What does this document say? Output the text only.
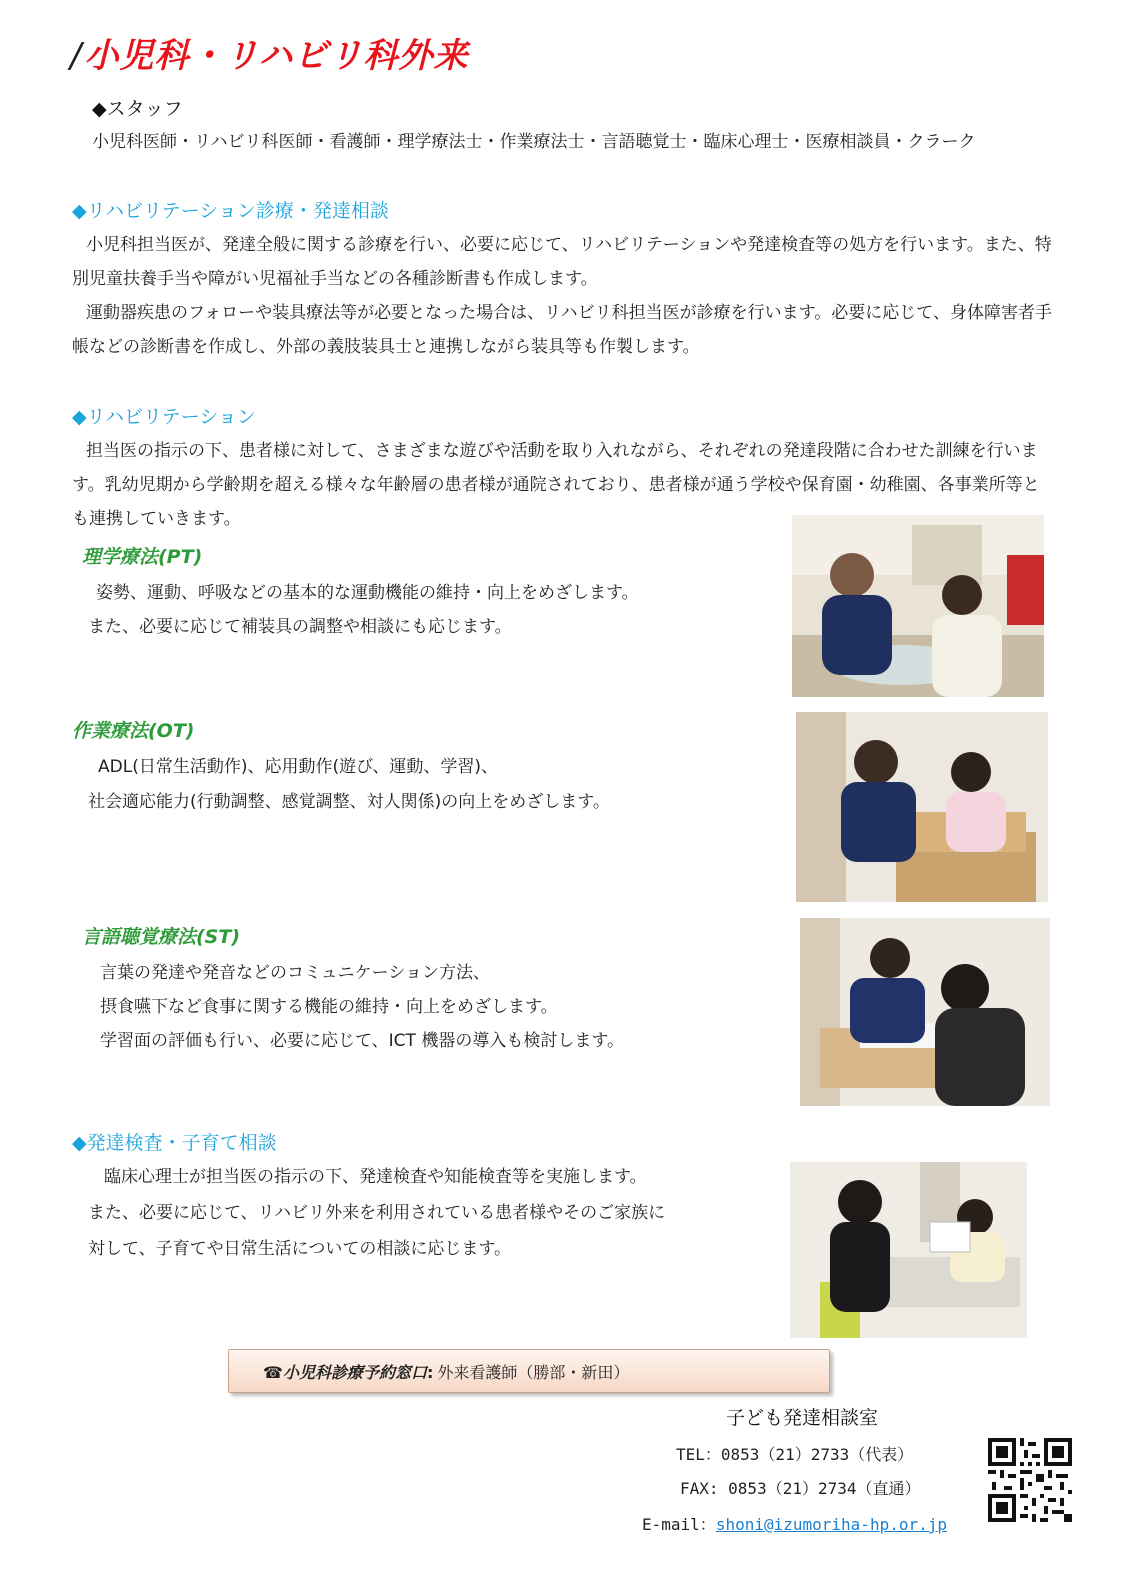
/小児科・リハビリ科外来
◆スタッフ
小児科医師・リハビリ科医師・看護師・理学療法士・作業療法士・言語聴覚士・臨床心理士・医療相談員・クラーク
◆リハビリテーション診療・発達相談
小児科担当医が、発達全般に関する診療を行い、必要に応じて、リハビリテーションや発達検査等の処方を行います。また、特別児童扶養手当や障がい児福祉手当などの各種診断書も作成します。
運動器疾患のフォローや装具療法等が必要となった場合は、リハビリ科担当医が診療を行います。必要に応じて、身体障害者手帳などの診断書を作成し、外部の義肢装具士と連携しながら装具等も作製します。
◆リハビリテーション
担当医の指示の下、患者様に対して、さまざまな遊びや活動を取り入れながら、それぞれの発達段階に合わせた訓練を行います。乳幼児期から学齢期を超える様々な年齢層の患者様が通院されており、患者様が通う学校や保育園・幼稚園、各事業所等とも連携していきます。
理学療法(PT)
姿勢、運動、呼吸などの基本的な運動機能の維持・向上をめざします。
また、必要に応じて補装具の調整や相談にも応じます。
作業療法(OT)
ADL(日常生活動作)、応用動作(遊び、運動、学習)、
社会適応能力(行動調整、感覚調整、対人関係)の向上をめざします。
言語聴覚療法(ST)
言葉の発達や発音などのコミュニケーション方法、
摂食嚥下など食事に関する機能の維持・向上をめざします。
学習面の評価も行い、必要に応じて、ICT 機器の導入も検討します。
◆発達検査・子育て相談
臨床心理士が担当医の指示の下、発達検査や知能検査等を実施します。
また、必要に応じて、リハビリ外来を利用されている患者様やそのご家族に
対して、子育てや日常生活についての相談に応じます。
☎小児科診療予約窓口: 外来看護師（勝部・新田）
子ども発達相談室
TEL：0853（21）2733（代表）
FAX: 0853（21）2734（直通）
E-mail：shoni@izumoriha-hp.or.jp
